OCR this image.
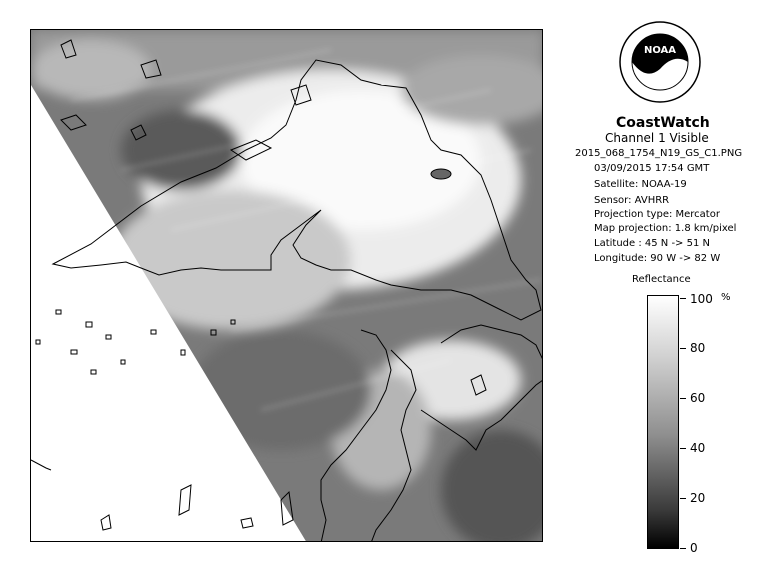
NOAA
CoastWatch
Channel 1 Visible
2015_068_1754_N19_GS_C1.PNG
03/09/2015 17:54 GMT
Satellite: NOAA-19
Sensor: AVHRR
Projection type: Mercator
Map projection: 1.8 km/pixel
Latitude : 45 N -> 51 N
Longitude: 90 W -> 82 W
Reflectance
100 %
80
60
40
20
0
